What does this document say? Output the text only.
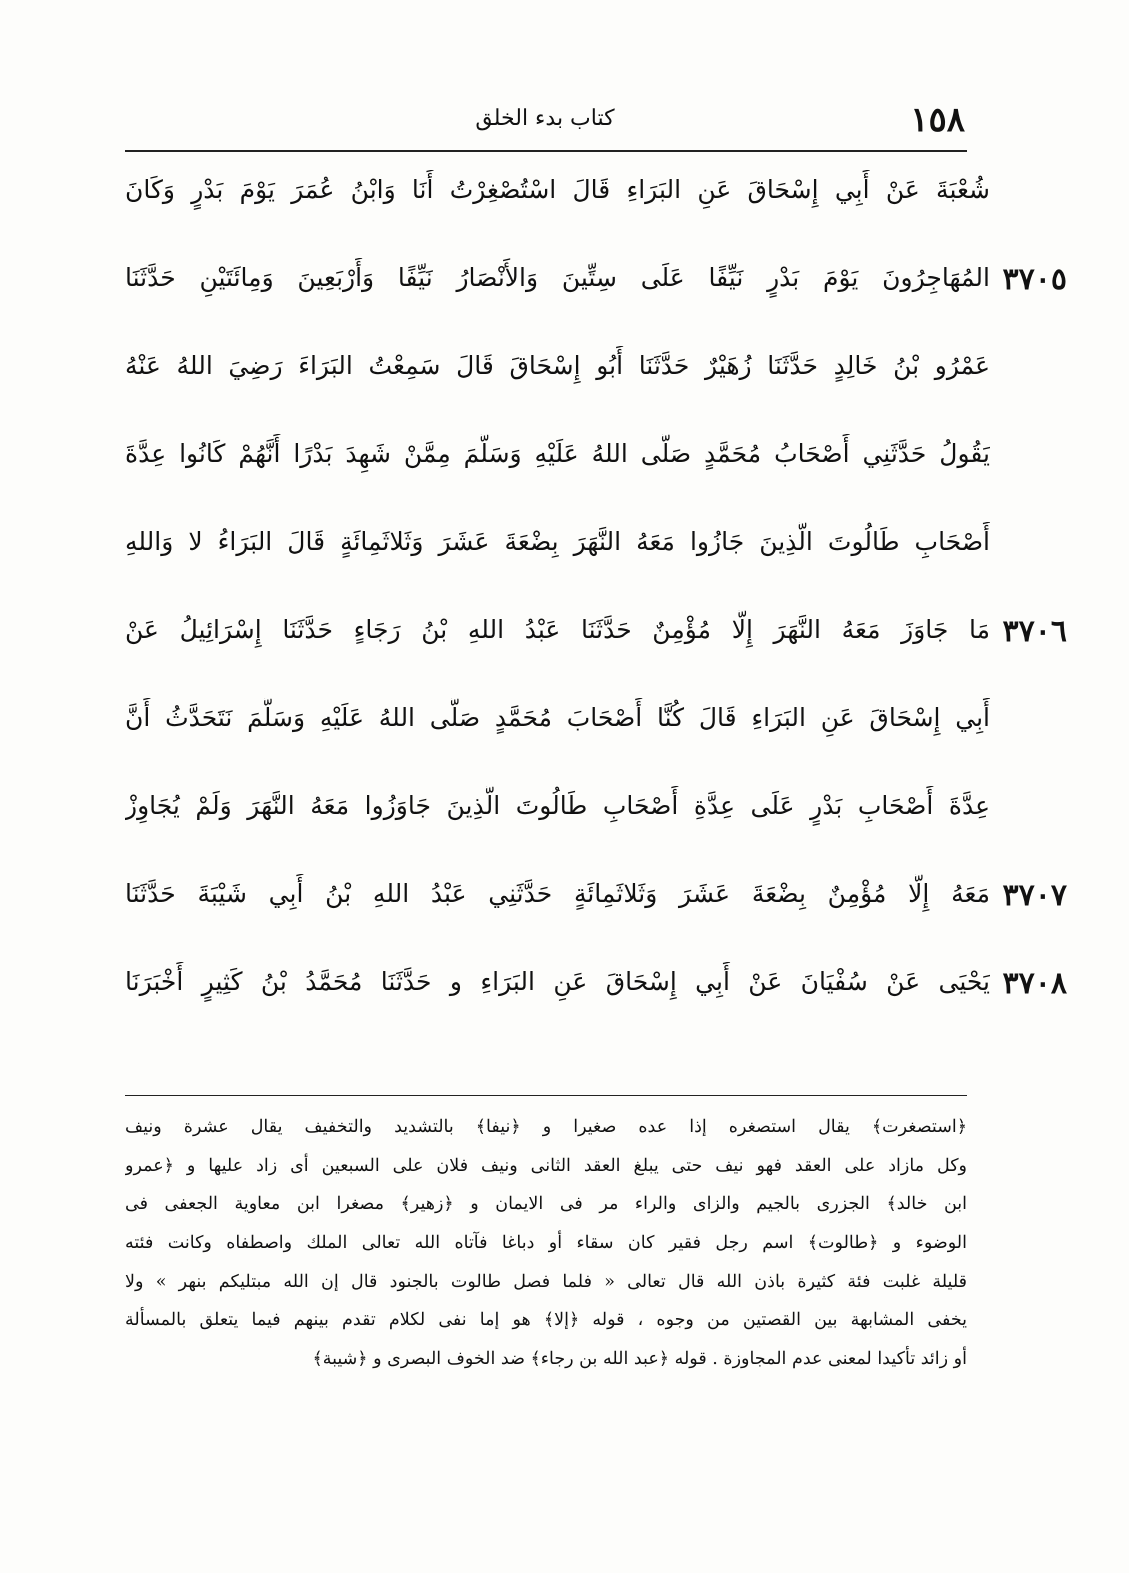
١٥٨
كتاب بدء الخلق
شُعْبَةَ عَنْ أَبِي إِسْحَاقَ عَنِ البَرَاءِ قَالَ اسْتُصْغِرْتُ أَنَا وَابْنُ عُمَرَ يَوْمَ بَدْرٍ وَكَانَ
٣٧٠٥
المُهَاجِرُونَ يَوْمَ بَدْرٍ نَيِّفًا عَلَى سِتِّينَ وَالأَنْصَارُ نَيِّفًا وَأَرْبَعِينَ وَمِائَتَيْنِ حَدَّثَنَا
عَمْرُو بْنُ خَالِدٍ حَدَّثَنَا زُهَيْرٌ حَدَّثَنَا أَبُو إِسْحَاقَ قَالَ سَمِعْتُ البَرَاءَ رَضِيَ اللهُ عَنْهُ
يَقُولُ حَدَّثَنِي أَصْحَابُ مُحَمَّدٍ صَلَّى اللهُ عَلَيْهِ وَسَلَّمَ مِمَّنْ شَهِدَ بَدْرًا أَنَّهُمْ كَانُوا عِدَّةَ
أَصْحَابِ طَالُوتَ الَّذِينَ جَازُوا مَعَهُ النَّهَرَ بِضْعَةَ عَشَرَ وَثَلاثَمِائَةٍ قَالَ البَرَاءُ لا وَاللهِ
٣٧٠٦
مَا جَاوَزَ مَعَهُ النَّهَرَ إِلَّا مُؤْمِنٌ حَدَّثَنَا عَبْدُ اللهِ بْنُ رَجَاءٍ حَدَّثَنَا إِسْرَائِيلُ عَنْ
أَبِي إِسْحَاقَ عَنِ البَرَاءِ قَالَ كُنَّا أَصْحَابَ مُحَمَّدٍ صَلَّى اللهُ عَلَيْهِ وَسَلَّمَ نَتَحَدَّثُ أَنَّ
عِدَّةَ أَصْحَابِ بَدْرٍ عَلَى عِدَّةِ أَصْحَابِ طَالُوتَ الَّذِينَ جَاوَزُوا مَعَهُ النَّهَرَ وَلَمْ يُجَاوِزْ
٣٧٠٧
مَعَهُ إِلَّا مُؤْمِنٌ بِضْعَةَ عَشَرَ وَثَلاثَمِائَةٍ حَدَّثَنِي عَبْدُ اللهِ بْنُ أَبِي شَيْبَةَ حَدَّثَنَا
٣٧٠٨
يَحْيَى عَنْ سُفْيَانَ عَنْ أَبِي إِسْحَاقَ عَنِ البَرَاءِ و حَدَّثَنَا مُحَمَّدُ بْنُ كَثِيرٍ أَخْبَرَنَا
﴿استصغرت﴾ يقال استصغره إذا عده صغيرا و ﴿نيفا﴾ بالتشديد والتخفيف يقال عشرة ونيف
وكل مازاد على العقد فهو نيف حتى يبلغ العقد الثانى ونيف فلان على السبعين أى زاد عليها و ﴿عمرو
ابن خالد﴾ الجزرى بالجيم والزاى والراء مر فى الايمان و ﴿زهير﴾ مصغرا ابن معاوية الجعفى فى
الوضوء و ﴿طالوت﴾ اسم رجل فقير كان سقاء أو دباغا فآتاه الله تعالى الملك واصطفاه وكانت فئته
قليلة غلبت فئة كثيرة باذن الله قال تعالى « فلما فصل طالوت بالجنود قال إن الله مبتليكم بنهر » ولا
يخفى المشابهة بين القصتين من وجوه ، قوله ﴿إلا﴾ هو إما نفى لكلام تقدم بينهم فيما يتعلق بالمسألة
أو زائد تأكيدا لمعنى عدم المجاوزة . قوله ﴿عبد الله بن رجاء﴾ ضد الخوف البصرى و ﴿شيبة﴾
